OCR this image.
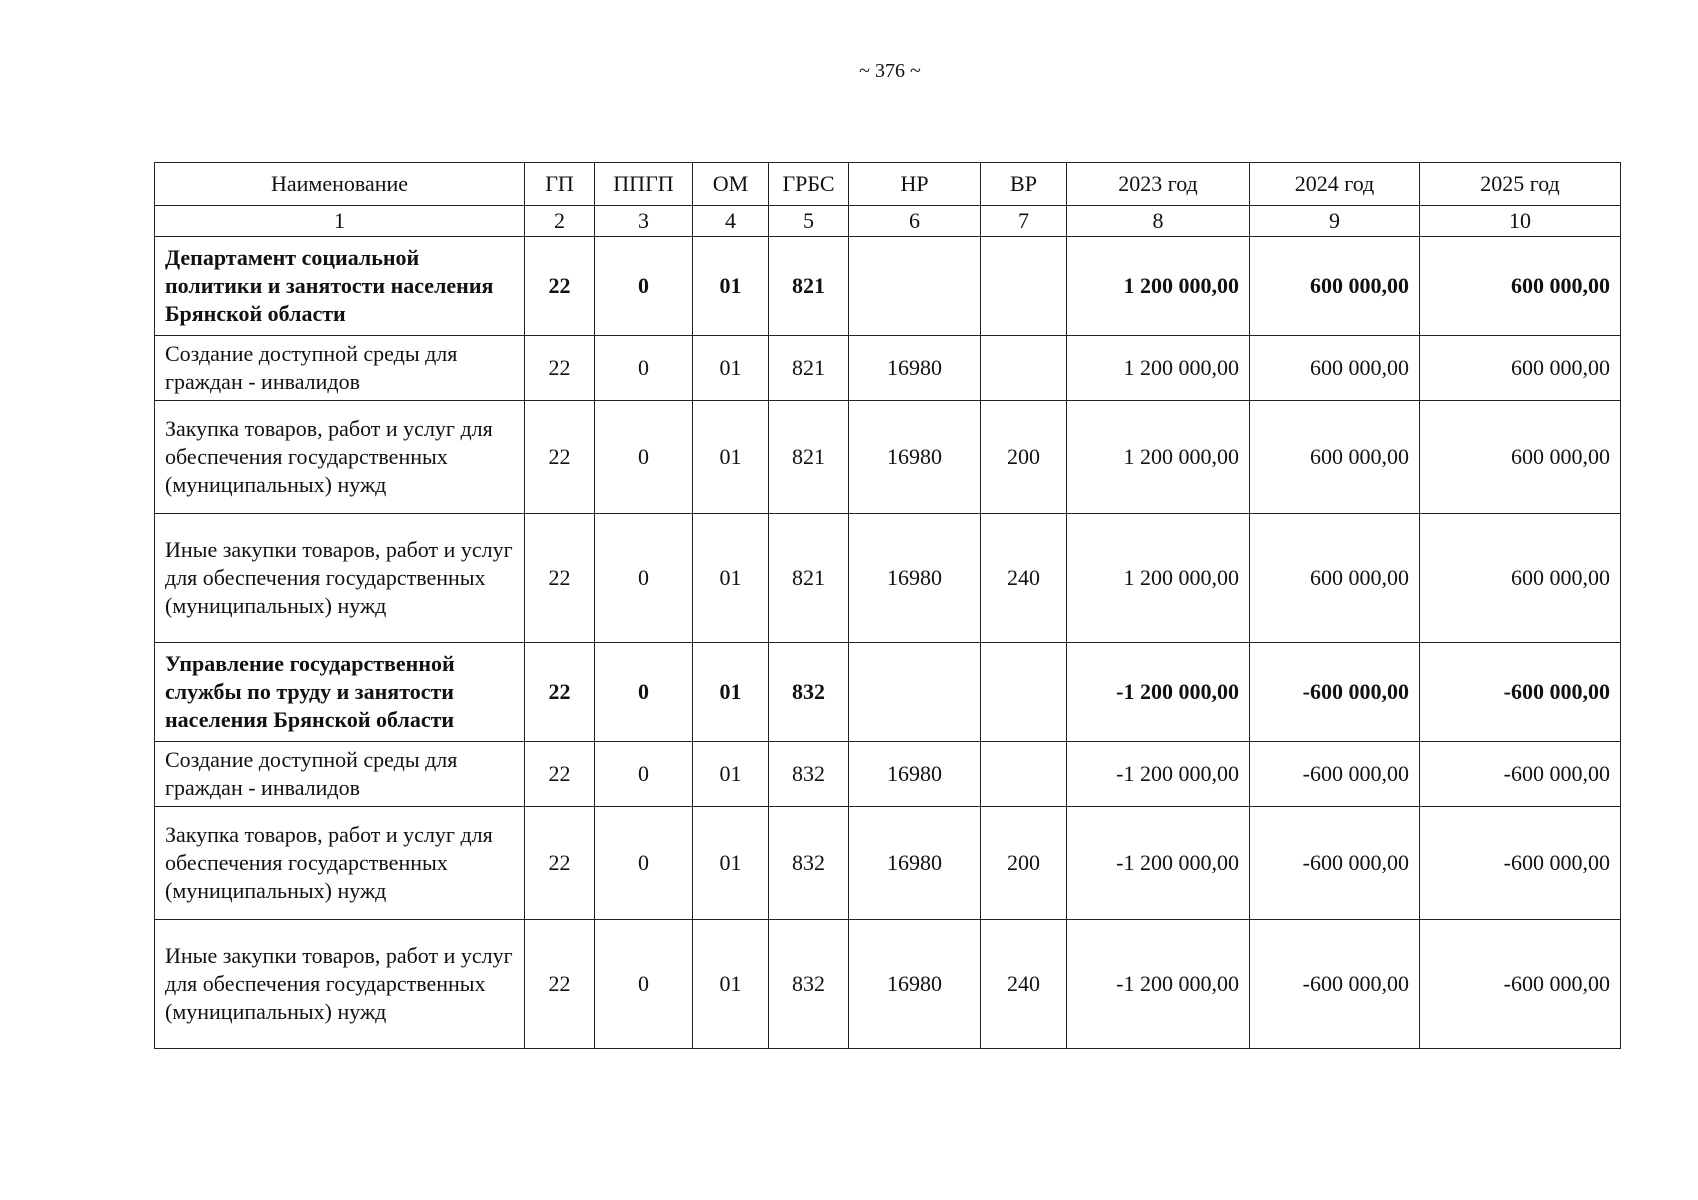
~ 376 ~
Наименование	ГП	ППГП	ОМ	ГРБС	НР	ВР	2023 год	2024 год	2025 год
1	2	3	4	5	6	7	8	9	10
Департамент социальной политики и занятости населения Брянской области	22	0	01	821			1 200 000,00	600 000,00	600 000,00
Создание доступной среды для граждан - инвалидов	22	0	01	821	16980		1 200 000,00	600 000,00	600 000,00
Закупка товаров, работ и услуг для обеспечения государственных (муниципальных) нужд	22	0	01	821	16980	200	1 200 000,00	600 000,00	600 000,00
Иные закупки товаров, работ и услуг для обеспечения государственных (муниципальных) нужд	22	0	01	821	16980	240	1 200 000,00	600 000,00	600 000,00
Управление государственной службы по труду и занятости населения Брянской области	22	0	01	832			-1 200 000,00	-600 000,00	-600 000,00
Создание доступной среды для граждан - инвалидов	22	0	01	832	16980		-1 200 000,00	-600 000,00	-600 000,00
Закупка товаров, работ и услуг для обеспечения государственных (муниципальных) нужд	22	0	01	832	16980	200	-1 200 000,00	-600 000,00	-600 000,00
Иные закупки товаров, работ и услуг для обеспечения государственных (муниципальных) нужд	22	0	01	832	16980	240	-1 200 000,00	-600 000,00	-600 000,00
